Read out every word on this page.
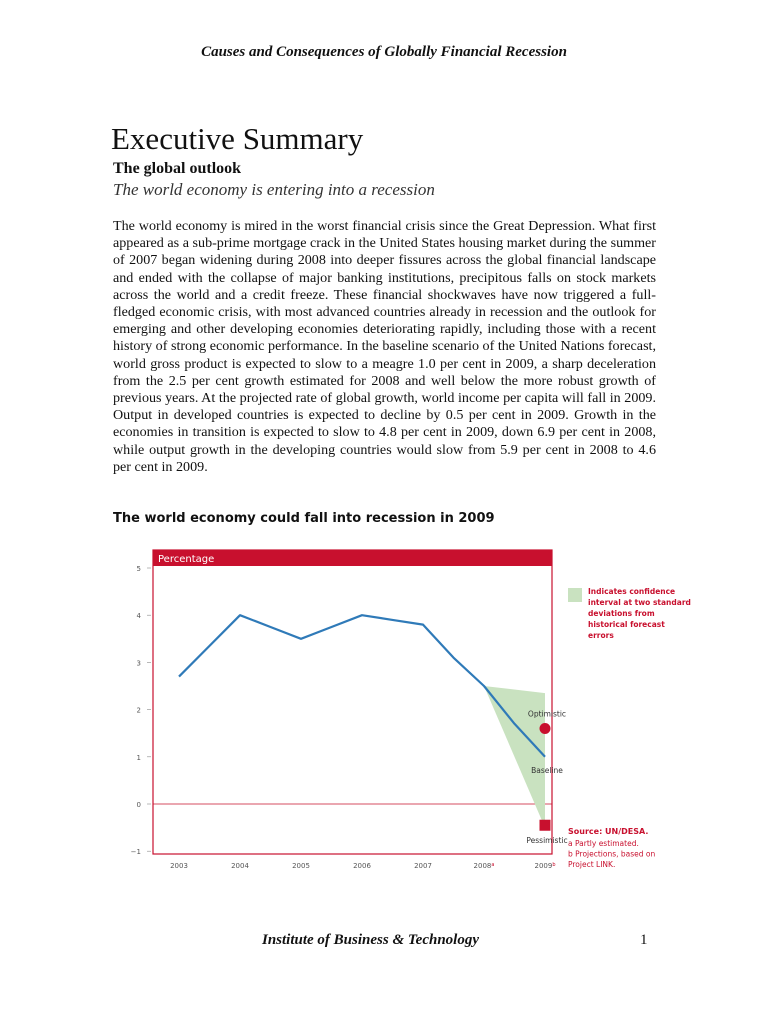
Causes and Consequences of Globally Financial Recession
Executive Summary
The global outlook
The world economy is entering into a recession

The world economy is mired in the worst financial crisis since the Great Depression. What first appeared as a sub-prime mortgage crack in the United States housing market during the summer of 2007 began widening during 2008 into deeper fissures across the global financial landscape and ended with the collapse of major banking institutions, precipitous falls on stock markets across the world and a credit freeze. These financial shockwaves have now triggered a full-fledged economic crisis, with most advanced countries already in recession and the outlook for emerging and other developing economies deteriorating rapidly, including those with a recent history of strong economic performance. In the baseline scenario of the United Nations forecast, world gross product is expected to slow to a meagre 1.0 per cent in 2009, a sharp deceleration from the 2.5 per cent growth estimated for 2008 and well below the more robust growth of previous years. At the projected rate of global growth, world income per capita will fall in 2009. Output in developed countries is expected to decline by 0.5 per cent in 2009. Growth in the economies in transition is expected to slow to 4.8 per cent in 2009, down 6.9 per cent in 2008, while output growth in the developing countries would slow from 5.9 per cent in 2008 to 4.6 per cent in 2009.

The world economy could fall into recession in 2009
Percentage
5
4
3
2
1
0
−1
2003	2004	2005	2006	2007	2008$^a$	2009$^b$
Optimistic
Baseline
Pessimistic
Indicates confidence
interval at two standard
deviations from
historical forecast
errors
Source: UN/DESA.
a Partly estimated.
b Projections, based on
Project LINK.
Institute of Business & Technology	1
